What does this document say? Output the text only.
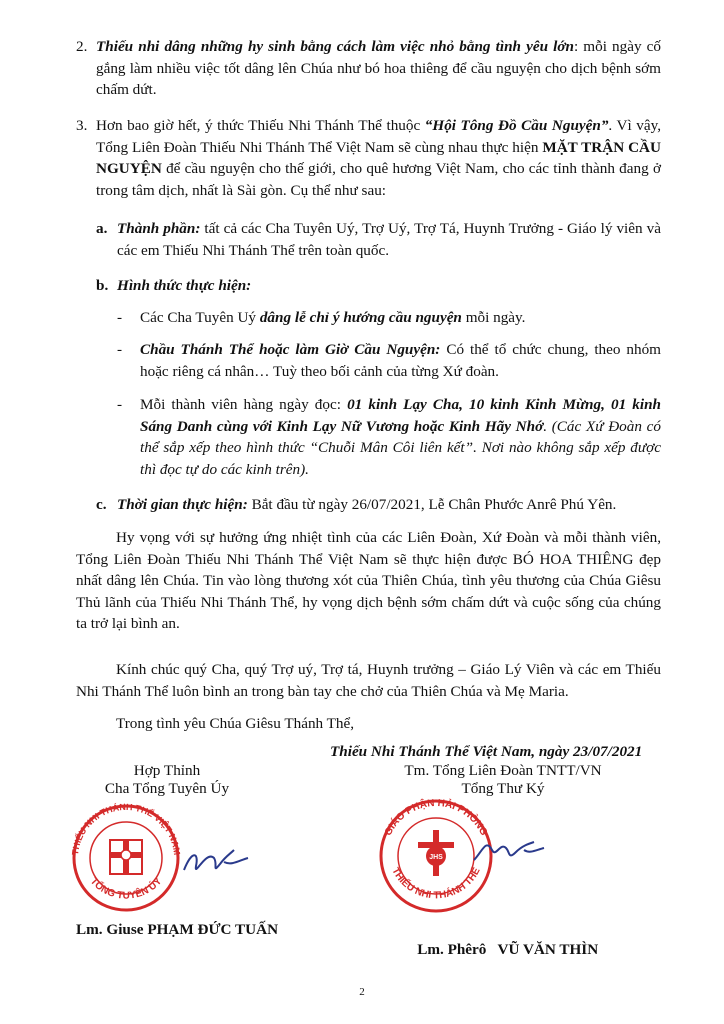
2. Thiếu nhi dâng những hy sinh bằng cách làm việc nhỏ bằng tình yêu lớn: mỗi ngày cố gắng làm nhiều việc tốt dâng lên Chúa như bó hoa thiêng để cầu nguyện cho dịch bệnh sớm chấm dứt.
3. Hơn bao giờ hết, ý thức Thiếu Nhi Thánh Thể thuộc “Hội Tông Đồ Cầu Nguyện”. Vì vậy, Tổng Liên Đoàn Thiếu Nhi Thánh Thể Việt Nam sẽ cùng nhau thực hiện MẶT TRẬN CẦU NGUYỆN để cầu nguyện cho thế giới, cho quê hương Việt Nam, cho các tỉnh thành đang ở trong tâm dịch, nhất là Sài gòn. Cụ thể như sau:
a. Thành phần: tất cả các Cha Tuyên Uý, Trợ Uý, Trợ Tá, Huynh Trưởng - Giáo lý viên và các em Thiếu Nhi Thánh Thể trên toàn quốc.
b. Hình thức thực hiện:
- Các Cha Tuyên Uý dâng lễ chỉ ý hướng cầu nguyện mỗi ngày.
- Chầu Thánh Thể hoặc làm Giờ Cầu Nguyện: Có thể tổ chức chung, theo nhóm hoặc riêng cá nhân… Tuỳ theo bối cảnh của từng Xứ đoàn.
- Mỗi thành viên hàng ngày đọc: 01 kinh Lạy Cha, 10 kinh Kinh Mừng, 01 kinh Sáng Danh cùng với Kinh Lạy Nữ Vương hoặc Kinh Hãy Nhớ. (Các Xứ Đoàn có thể sắp xếp theo hình thức “Chuỗi Mân Côi liên kết”. Nơi nào không sắp xếp được thì đọc tự do các kinh trên).
c. Thời gian thực hiện: Bắt đầu từ ngày 26/07/2021, Lễ Chân Phước Anrê Phú Yên.
Hy vọng với sự hưởng ứng nhiệt tình của các Liên Đoàn, Xứ Đoàn và mỗi thành viên, Tổng Liên Đoàn Thiếu Nhi Thánh Thể Việt Nam sẽ thực hiện được BÓ HOA THIÊNG đẹp nhất dâng lên Chúa. Tin vào lòng thương xót của Thiên Chúa, tình yêu thương của Chúa Giêsu Thủ lãnh của Thiếu Nhi Thánh Thể, hy vọng dịch bệnh sớm chấm dứt và cuộc sống của chúng ta trở lại bình an.
Kính chúc quý Cha, quý Trợ uý, Trợ tá, Huynh trưởng – Giáo Lý Viên và các em Thiếu Nhi Thánh Thể luôn bình an trong bàn tay che chở của Thiên Chúa và Mẹ Maria.
Trong tình yêu Chúa Giêsu Thánh Thể,
Thiếu Nhi Thánh Thể Việt Nam, ngày 23/07/2021
Hợp Thỉnh
Cha Tổng Tuyên Úy
Tm. Tổng Liên Đoàn TNTT/VN
Tổng Thư Ký
THIẾU NHI THÁNH THỂ VIỆT NAM
TỔNG TUYÊN ÚY
JHS
GIÁO PHẬN HẢI PHÒNG
THIẾU NHI THÁNH THỂ
Lm. Giuse PHẠM ĐỨC TUẤN

Lm. Phêrô   VŨ VĂN THÌN

2
